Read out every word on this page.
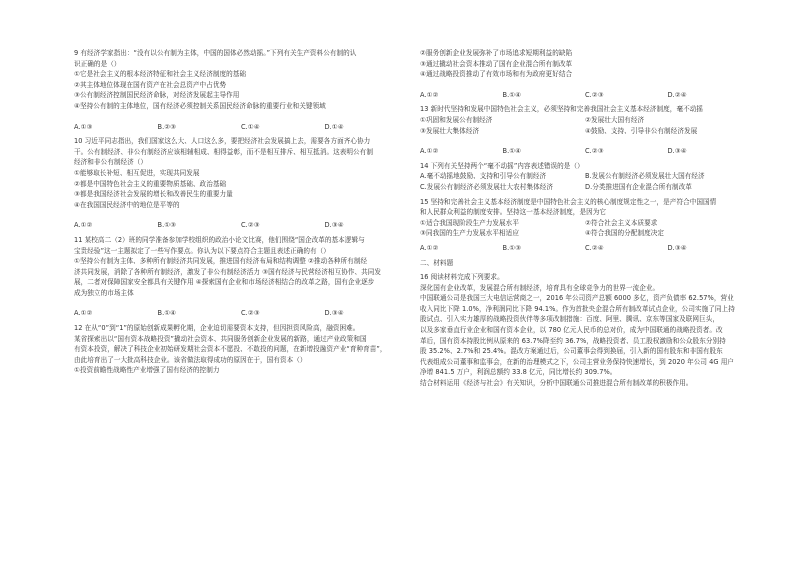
9 有经济学家指出：“没有以公有制为主体，中国的国体必然动摇。”下列有关生产资料公有制的认
识正确的是（）
①它是社会主义的根本经济特征和社会主义经济制度的基础
②其主体地位体现在国有资产在社会总资产中占优势
③公有制经济控制国民经济命脉，对经济发展起主导作用
④坚持公有制的主体地位，国有经济必须控制关系国民经济命脉的重要行业和关键领域
A.①③	B.②③	C.①④	D.①④
10 习近平同志指出，我们国家这么大、人口这么多，要把经济社会发展搞上去，需要各方面齐心协力
干。公有制经济、非公有制经济应该相辅相成、相得益彰，而不是相互排斥、相互抵消。这表明公有制
经济和非公有制经济（）
①能够取长补短、相互促进，实现共同发展
②都是中国特色社会主义的重要物质基础、政治基础
③都是我国经济社会发展的增长和改善民生的重要力量
④在我国国民经济中的地位是平等的
A.①②	B.①③	C.②③	D.③④
11 某校高二（2）班的同学准备参加学校组织的政治小论文比赛，他们围绕“国企改革的基本逻辑与
宝贵经验”这一主题拟定了一些写作要点。你认为以下要点符合主题且表述正确的有（）
①坚持公有制为主体、多种所有制经济共同发展，推进国有经济布局和结构调整 ②推动各种所有制经
济共同发展，消除了各种所有制经济，激发了非公有制经济活力 ③国有经济与民营经济相互协作、共同发
展，二者对保障国家安全都具有关键作用 ④探索国有企业和市场经济相结合的改革之路，国有企业逐步
成为独立的市场主体
A.①②	B.①④	C.②③	D.③④
12 在从“0”到“1”的原始创新成果孵化期，企业迫切需要资本支持，但因担资风险高，融资困难。
某省探索出以“国有资本战略投资”撬动社会资本、共同服务创新企业发展的新路，通过产业政策和国
有资本投资，解决了科技企业初始研发期社会资本不愿投、不敢投的问题，在新增投融资产业“育种育苗”，
由此培育出了一大批高科技企业。该省做法取得成功的原因在于，国有资本（）
①投资前瞻性战略性产业增强了国有经济的控制力
②服务创新企业发展弥补了市场追求短期利益的缺陷
③通过撬动社会资本推动了国有企业混合所有制改革
④通过战略投资推动了有效市场和有为政府更好结合
A.①②	B.①④	C.②③	D.②④
13 新时代坚持和发展中国特色社会主义，必须坚持和完善我国社会主义基本经济制度，毫不动摇
①巩固和发展公有制经济	②发展壮大国有经济
③发展壮大集体经济	④鼓励、支持、引导非公有制经济发展
A.①②	B.①④	C.②③	D.③④
14 下列有关坚持两个“毫不动摇”内容表述错误的是（）
A.毫不动摇地鼓励、支持和引导公有制经济	B.发展公有制经济必须发展壮大国有经济
C.发展公有制经济必须发展壮大农村集体经济	D.分类推进国有企业混合所有制改革
15 坚持和完善社会主义基本经济制度是中国特色社会主义的核心制度规定性之一，是产符合中国国情
和人民群众利益的制度安排。坚持这一基本经济制度，是因为它
①适合我国现阶段生产力发展水平	②符合社会主义本质要求
③同我国的生产力发展水平相适应	④符合我国的分配制度决定
A.①②	B.①③	C.②④	D.③④
二、材料题
16 阅读材料完成下列要求。
深化国有企业改革，发展混合所有制经济，培育具有全球竞争力的世界一流企业。
中国联通公司是我国三大电信运营商之一，2016 年公司资产总额 6000 多亿，资产负债率 62.57%，营业
收入同比下降 1.0%，净利润同比下降 94.1%。作为首批央企混合所有制改革试点企业，公司实施了同上持
股试点、引入实力雄厚的战略投资伙伴等多项改制措施：百度、阿里、腾讯、京东等国家及联网巨头，
以及多家垂直行业企业和国有资本企业，以 780 亿元人民币的总对价，成为中国联通的战略投资者。改
革后，国有资本持股比例从原来的 63.7%降至约 36.7%，战略投资者、员工股权激励和公众股东分别持
股 35.2%、2.7%和 25.4%。混改方案通过后，公司董事会得到换届，引入新的国有股东和非国有股东
代表组成公司董事和监事会，在新的治理模式之下，公司主营业务保持快速增长，到 2020 年公司 4G 用户
净增 841.5 万户，利润总额约 33.8 亿元，同比增长约 309.7%。
结合材料运用《经济与社会》有关知识，分析中国联通公司推进混合所有制改革的积极作用。
